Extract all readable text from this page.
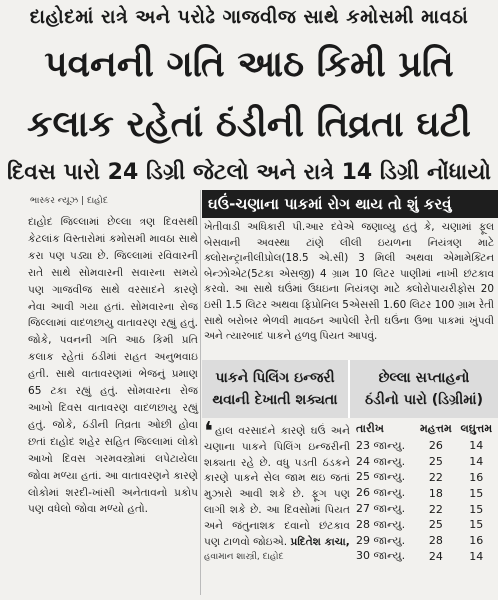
દાહોદમાં રાત્રે અને પરોઢે ગાજવીજ સાથે કમોસમી માવઠાં
પવનની ગતિ આઠ કિમી પ્રતિ
કલાક રહેતાં ઠંડીની તિવ્રતા ઘટી
દિવસ પારો 24 ડિગ્રી જેટલો અને રાત્રે 14 ડિગ્રી નોંધાયો
ભાસ્કર ન્યૂઝ | દાહોદ

દાહોદ જિલ્લામાં છેલ્લા ત્રણ દિવસથી કેટલાંક વિસ્તારોમાં કમોસમી માવઠા સાથે કરા પણ પડ્યા છે. જિલ્લામાં રવિવારની રાતે સાથે સોમવારની સવારના સમયે પણ ગાજવીજ સાથે વરસાદને કારણે નેવા આવી ગયા હતાં. સોમવારના રોજ જિલ્લામાં વાદળછાયુ વાતાવરણ રહ્યું હતું. જોકે, પવનની ગતિ આઠ કિમી પ્રતિ કલાક રહેતાં ઠંડીમાં રાહત અનુભવાઇ હતી. સાથે વાતાવરણમાં ભેજનું પ્રમાણ 65 ટકા રહ્યું હતું. સોમવારના રોજ આખો દિવસ વાતાવરણ વાદળછાયુ રહ્યું હતું. જોકે, ઠંડીની તિવ્રતા ઓછી હોવા છતાં દાહોદ શહેર સહિત જિલ્લામાં લોકો આખો દિવસ ગરમવસ્ત્રોમાં લપેટાયેલા જોવા મળ્યા હતાં. આ વાતાવરણને કારણે લોકોમાં શરદી-ખાંસી અનેતાવનો પ્રકોપ પણ વધેલો જોવા મળ્યો હતો.

ઘઉં-ચણાના પાકમાં રોગ થાય તો શું કરવું

ખેતીવાડી અધિકારી પી.આર દવેએ જણાવ્યુ હતું કે, ચણામાં ફૂલ બેસવાની અવસ્થા ટાંણે લીલી ઇયળના નિયંત્રણ માટે ક્લોરાન્ટ્રાનીલીપ્રોલ(18.5 એ.સી) 3 મિલી અથવા એમામેક્ટિન બેન્ઝોએટ(5ટકા એસજી) 4 ગ્રામ 10 લિટર પાણીમાં નાખી છંટકાવ કરવો. આ સાથે ઘઉંમાં ઉધઇના નિયંત્રણ માટે ક્લોરોપાયરીફોસ 20 ઇસી 1.5 લિટર અથવા ફિપ્રોનિલ 5એસસી 1.60 લિટર 100 ગ્રામ રેતી સાથે બરોબર ભેળવી માવઠન આપેલી રેતી ઘઉંના ઉભા પાકમાં ખુંપવી અને ત્યારબાદ પાકને હળવુ પિયત આપવું.

પાકને પિલિંગ ઇન્જરી
થવાની દેખાતી શક્યતા
છેલ્લા સપ્તાહનો
ઠંડીનો પારો (ડિગ્રીમાં)

❛ હાલ વરસાદને કારણે ઘઉં અને ચણાના પાકને પિલિંગ ઇન્જરીની શક્યતા રહે છે. વધુ પડતી ઠંડકને કારણે પાકને સેલ જામ થઇ જતાં મુઝારો આવી શકે છે. ફૂગ પણ લાગી શકે છે. આ દિવસોમાં પિયત અને જંતુનાશક દવાનો છંટકાવ પણ ટાળવો જોઇએ. પ્રદિતેશ કાચા,

હવામાન શાસ્ત્રી, દાહોદ
તારીખ	મહત્તમ લઘુત્તમ
23 જાન્યુ.	26	14
24 જાન્યુ.	25	14
25 જાન્યુ.	22	16
26 જાન્યુ.	18	15
27 જાન્યુ.	22	15
28 જાન્યુ.	25	15
29 જાન્યુ.	28	16
30 જાન્યુ.	24	14
